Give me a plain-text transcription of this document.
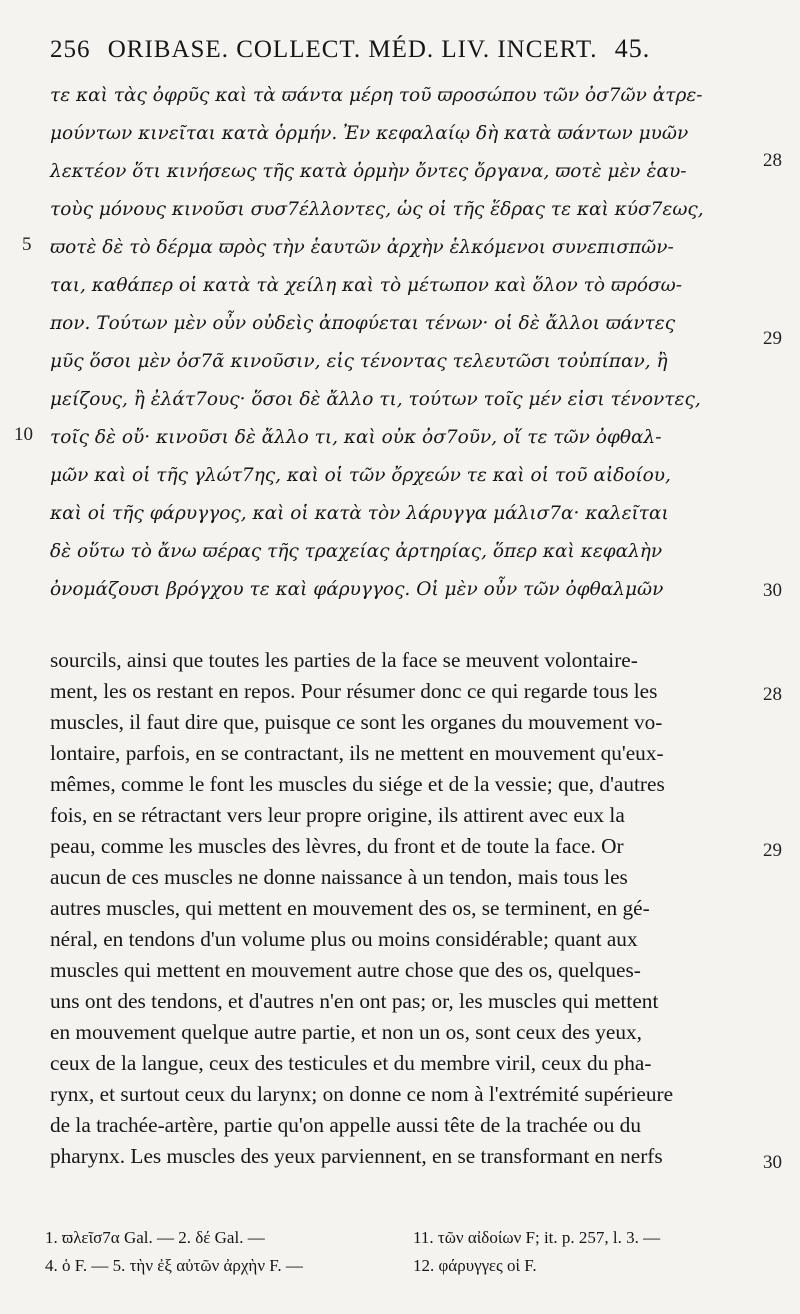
256 ORIBASE. COLLECT. MÉD. LIV. INCERT. 45.
τε καὶ τὰς ὀφρῦς καὶ τὰ ϖάντα μέρη τοῦ ϖροσώπου τῶν ὀσ7ῶν ἀτρε-
μούντων κινεῖται κατὰ ὁρμήν. Ἐν κεφαλαίῳ δὴ κατὰ ϖάντων μυῶν
λεκτέον ὅτι κινήσεως τῆς κατὰ ὁρμὴν ὄντες ὄργανα, ϖοτὲ μὲν ἑαυ-
τοὺς μόνους κινοῦσι συσ7έλλοντες, ὡς οἱ τῆς ἕδρας τε καὶ κύσ7εως,
ϖοτὲ δὲ τὸ δέρμα ϖρὸς τὴν ἑαυτῶν ἀρχὴν ἑλκόμενοι συνεπισπῶν-
ται, καθάπερ οἱ κατὰ τὰ χείλη καὶ τὸ μέτωπον καὶ ὅλον τὸ ϖρόσω-
πον. Τούτων μὲν οὖν οὐδεὶς ἀποφύεται τένων· οἱ δὲ ἄλλοι ϖάντες
μῦς ὅσοι μὲν ὀσ7ᾶ κινοῦσιν, εἰς τένοντας τελευτῶσι τοὐπίπαν, ἢ
μείζους, ἢ ἐλάτ7ους· ὅσοι δὲ ἄλλο τι, τούτων τοῖς μέν εἰσι τένοντες,
τοῖς δὲ οὔ· κινοῦσι δὲ ἄλλο τι, καὶ οὐκ ὀσ7οῦν, οἵ τε τῶν ὀφθαλ-
μῶν καὶ οἱ τῆς γλώτ7ης, καὶ οἱ τῶν ὄρχεών τε καὶ οἱ τοῦ αἰδοίου,
καὶ οἱ τῆς φάρυγγος, καὶ οἱ κατὰ τὸν λάρυγγα μάλισ7α· καλεῖται
δὲ οὕτω τὸ ἄνω ϖέρας τῆς τραχείας ἀρτηρίας, ὅπερ καὶ κεφαλὴν
ὀνομάζουσι βρόγχου τε καὶ φάρυγγος. Οἱ μὲν οὖν τῶν ὀφθαλμῶν
5
10
28
29
30
sourcils, ainsi que toutes les parties de la face se meuvent volontaire-
ment, les os restant en repos. Pour résumer donc ce qui regarde tous les
muscles, il faut dire que, puisque ce sont les organes du mouvement vo-
lontaire, parfois, en se contractant, ils ne mettent en mouvement qu'eux-
mêmes, comme le font les muscles du siége et de la vessie; que, d'autres
fois, en se rétractant vers leur propre origine, ils attirent avec eux la
peau, comme les muscles des lèvres, du front et de toute la face. Or
aucun de ces muscles ne donne naissance à un tendon, mais tous les
autres muscles, qui mettent en mouvement des os, se terminent, en gé-
néral, en tendons d'un volume plus ou moins considérable; quant aux
muscles qui mettent en mouvement autre chose que des os, quelques-
uns ont des tendons, et d'autres n'en ont pas; or, les muscles qui mettent
en mouvement quelque autre partie, et non un os, sont ceux des yeux,
ceux de la langue, ceux des testicules et du membre viril, ceux du pha-
rynx, et surtout ceux du larynx; on donne ce nom à l'extrémité supérieure
de la trachée-artère, partie qu'on appelle aussi tête de la trachée ou du
pharynx. Les muscles des yeux parviennent, en se transformant en nerfs
28
29
30
1. ϖλεῖσ7α Gal. — 2. δέ Gal. —	11. τῶν αἰδοίων F; it. p. 257, l. 3. —
4. ὁ F. — 5. τὴν ἐξ αὐτῶν ἀρχὴν F. —	12. φάρυγγες οἱ F.
